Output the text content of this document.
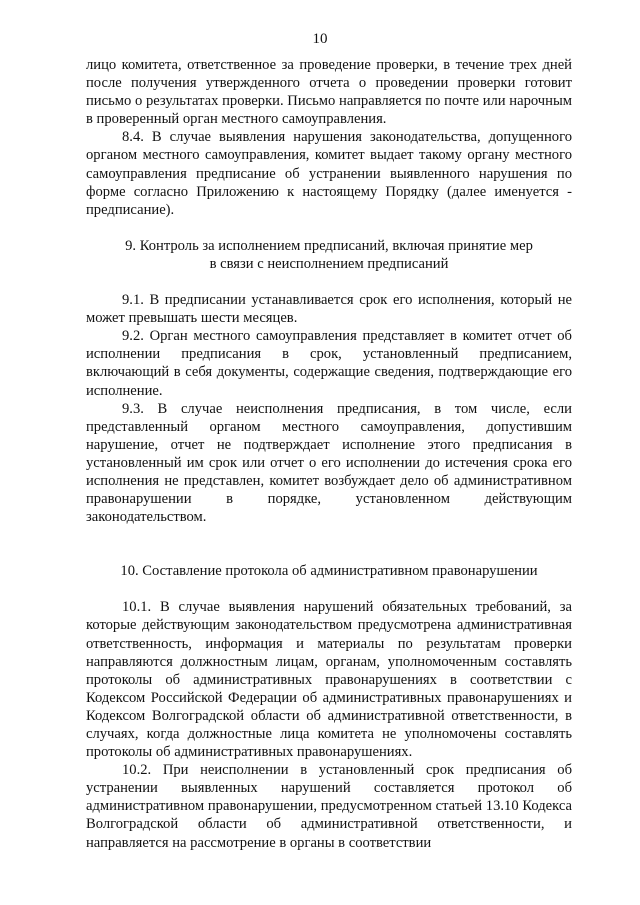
10

лицо комитета, ответственное за проведение проверки, в течение трех дней после получения утвержденного отчета о проведении проверки готовит письмо о результатах проверки. Письмо направляется по почте или нарочным в проверенный орган местного самоуправления.

8.4. В случае выявления нарушения законодательства, допущенного органом местного самоуправления, комитет выдает такому органу местного самоуправления предписание об устранении выявленного нарушения по форме согласно Приложению к настоящему Порядку (далее именуется - предписание).

9. Контроль за исполнением предписаний, включая принятие мер

в связи с неисполнением предписаний

9.1. В предписании устанавливается срок его исполнения, который не может превышать шести месяцев.

9.2. Орган местного самоуправления представляет в комитет отчет об исполнении предписания в срок, установленный предписанием, включающий в себя документы, содержащие сведения, подтверждающие его исполнение.

9.3. В случае неисполнения предписания, в том числе, если представленный органом местного самоуправления, допустившим нарушение, отчет не подтверждает исполнение этого предписания в установленный им срок или отчет о его исполнении до истечения срока его исполнения не представлен, комитет возбуждает дело об административном правонарушении в порядке, установленном действующим законодательством.

10. Составление протокола об административном правонарушении

10.1. В случае выявления нарушений обязательных требований, за которые действующим законодательством предусмотрена административная ответственность, информация и материалы по результатам проверки направляются должностным лицам, органам, уполномоченным составлять протоколы об административных правонарушениях в соответствии с Кодексом Российской Федерации об административных правонарушениях и Кодексом Волгоградской области об административной ответственности, в случаях, когда должностные лица комитета не уполномочены составлять протоколы об административных правонарушениях.

10.2. При неисполнении в установленный срок предписания об устранении выявленных нарушений составляется протокол об административном правонарушении, предусмотренном статьей 13.10 Кодекса Волгоградской области об административной ответственности, и направляется на рассмотрение в органы в соответствии
